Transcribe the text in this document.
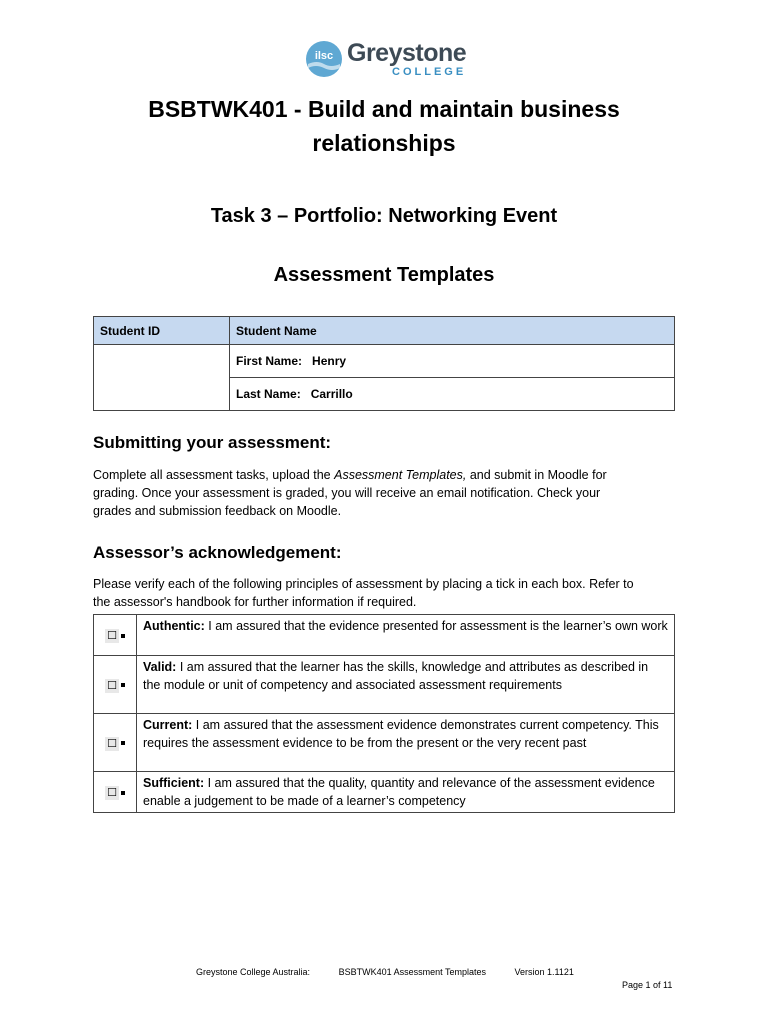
ilsc Greystone
COLLEGE
BSBTWK401 - Build and maintain business
relationships
Task 3 – Portfolio: Networking Event
Assessment Templates
Student ID	Student Name
	First Name: Henry
	Last Name: Carrillo
Submitting your assessment:
Complete all assessment tasks, upload the Assessment Templates, and submit in Moodle for
grading. Once your assessment is graded, you will receive an email notification. Check your
grades and submission feedback on Moodle.
Assessor’s acknowledgement:
Please verify each of the following principles of assessment by placing a tick in each box. Refer to
the assessor's handbook for further information if required.
☐	Authentic: I am assured that the evidence presented for assessment is the learner’s own work
☐	Valid: I am assured that the learner has the skills, knowledge and attributes as described in the module or unit of competency and associated assessment requirements
☐	Current: I am assured that the assessment evidence demonstrates current competency. This requires the assessment evidence to be from the present or the very recent past
☐	Sufficient: I am assured that the quality, quantity and relevance of the assessment evidence enable a judgement to be made of a learner’s competency
Greystone College Australia:	BSBTWK401 Assessment Templates	Version 1.1121
Page 1 of 11
